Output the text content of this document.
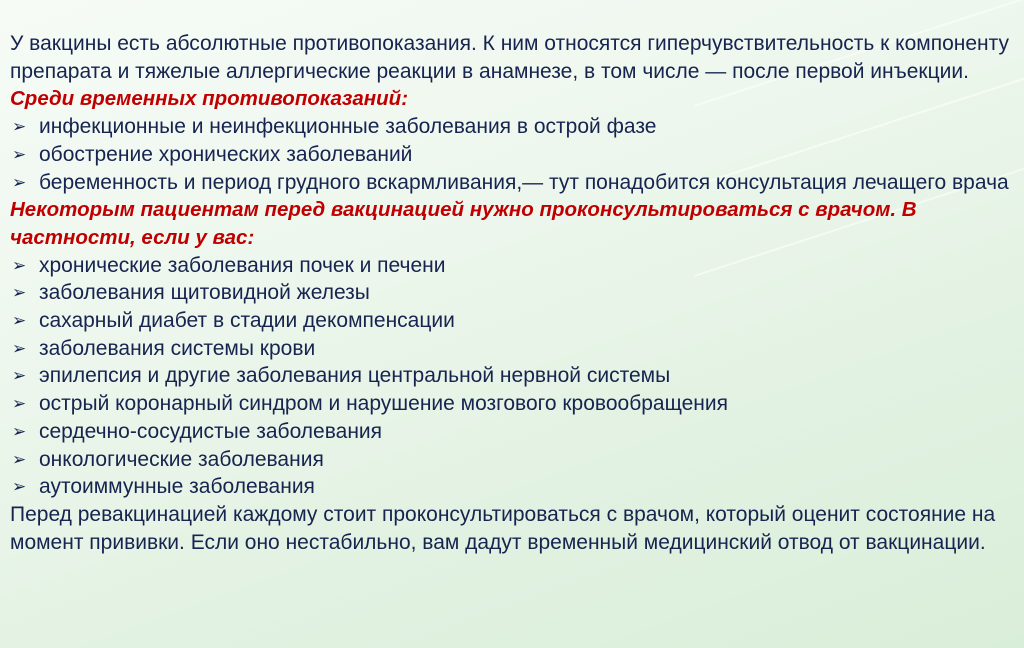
У вакцины есть абсолютные противопоказания. К ним относятся гиперчувствительность к компоненту препарата и тяжелые аллергические реакции в анамнезе, в том числе — после первой инъекции.

Среди временных противопоказаний:

➢ инфекционные и неинфекционные заболевания в острой фазе
➢ обострение хронических заболеваний
➢ беременность и период грудного вскармливания,— тут понадобится консультация лечащего врача

Некоторым пациентам перед вакцинацией нужно проконсультироваться с врачом. В частности, если у вас:

➢ хронические заболевания почек и печени
➢ заболевания щитовидной железы
➢ сахарный диабет в стадии декомпенсации
➢ заболевания системы крови
➢ эпилепсия и другие заболевания центральной нервной системы
➢ острый коронарный синдром и нарушение мозгового кровообращения
➢ сердечно-сосудистые заболевания
➢ онкологические заболевания
➢ аутоиммунные заболевания

Перед ревакцинацией каждому стоит проконсультироваться с врачом, который оценит состояние на момент прививки. Если оно нестабильно, вам дадут временный медицинский отвод от вакцинации.
